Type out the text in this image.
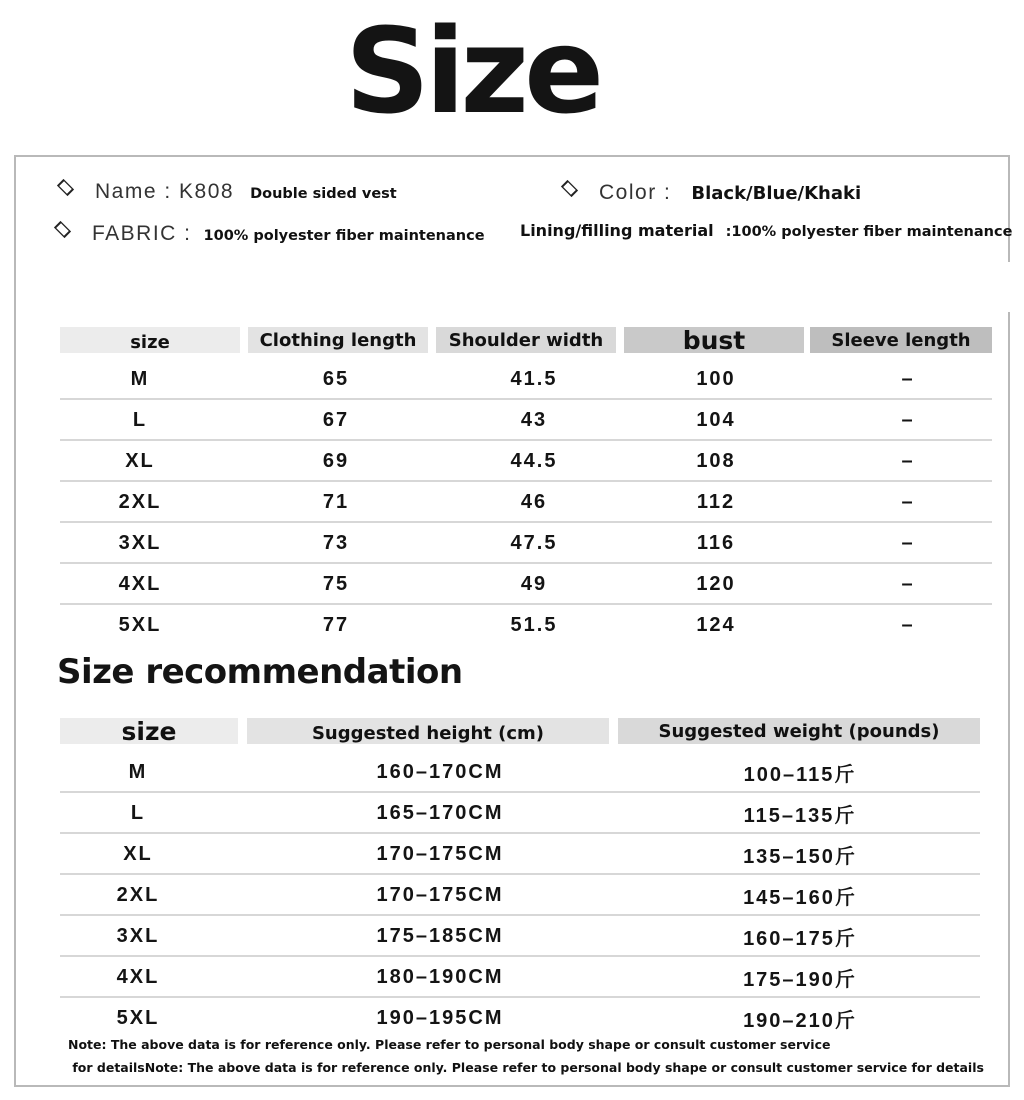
Size
Name : K808 Double sided vest	Color : Black/Blue/Khaki
FABRIC : 100% polyester fiber maintenance Lining/filling material :100% polyester fiber maintenance
size	Clothing length	Shoulder width	bust	Sleeve length
M	65	41.5	100	–
L	67	43	104	–
XL	69	44.5	108	–
2XL	71	46	112	–
3XL	73	47.5	116	–
4XL	75	49	120	–
5XL	77	51.5	124	–
Size recommendation
size	Suggested height (cm)	Suggested weight (pounds)
M	160–170CM	100–115斤
L	165–170CM	115–135斤
XL	170–175CM	135–150斤
2XL	170–175CM	145–160斤
3XL	175–185CM	160–175斤
4XL	180–190CM	175–190斤
5XL	190–195CM	190–210斤
Note: The above data is for reference only. Please refer to personal body shape or consult customer service
for detailsNote: The above data is for reference only. Please refer to personal body shape or consult customer service for details
